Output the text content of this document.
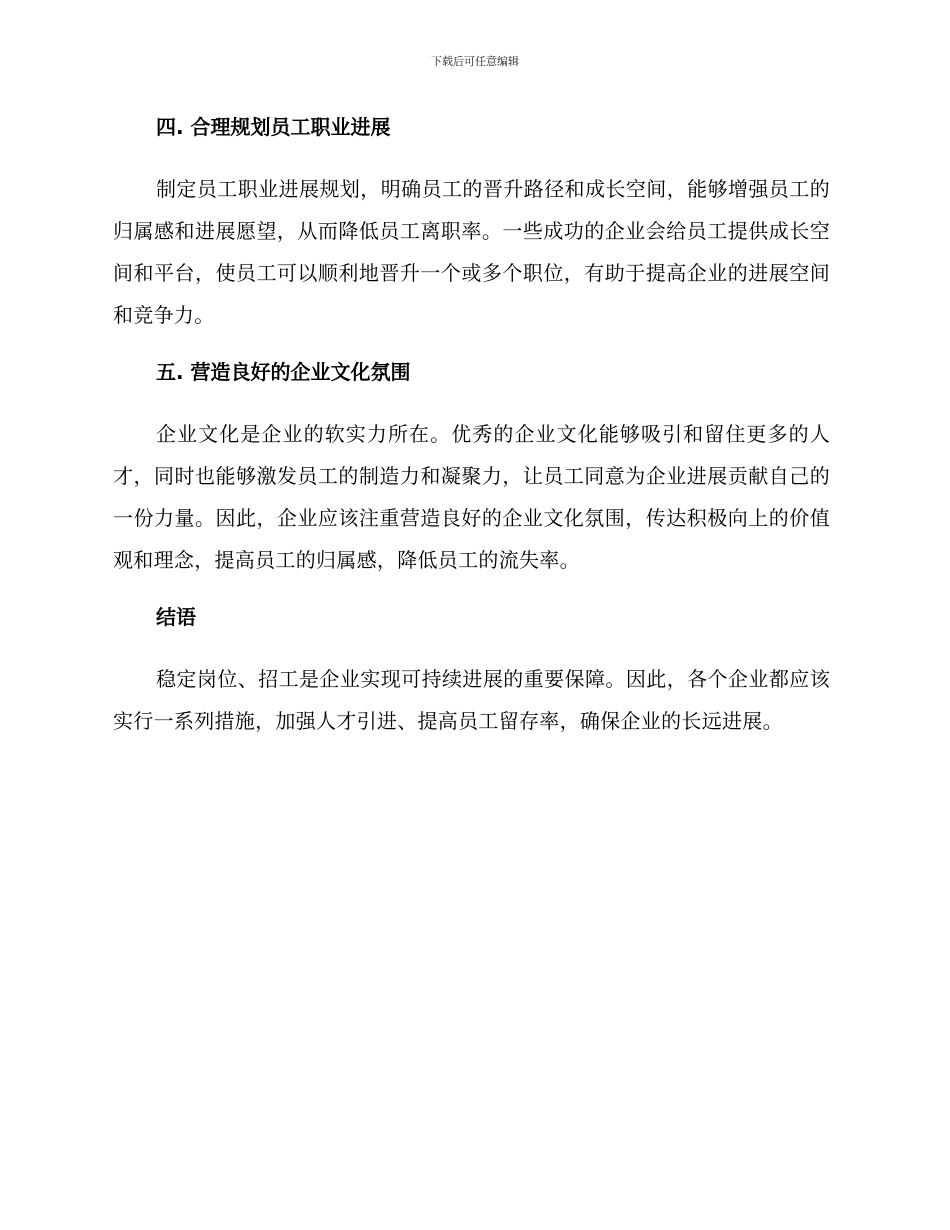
下载后可任意编辑
四. 合理规划员工职业进展

制定员工职业进展规划，明确员工的晋升路径和成长空间，能够增强员工的归属感和进展愿望，从而降低员工离职率。一些成功的企业会给员工提供成长空间和平台，使员工可以顺利地晋升一个或多个职位，有助于提高企业的进展空间和竞争力。

五. 营造良好的企业文化氛围

企业文化是企业的软实力所在。优秀的企业文化能够吸引和留住更多的人才，同时也能够激发员工的制造力和凝聚力，让员工同意为企业进展贡献自己的一份力量。因此，企业应该注重营造良好的企业文化氛围，传达积极向上的价值观和理念，提高员工的归属感，降低员工的流失率。

结语

稳定岗位、招工是企业实现可持续进展的重要保障。因此，各个企业都应该实行一系列措施，加强人才引进、提高员工留存率，确保企业的长远进展。
